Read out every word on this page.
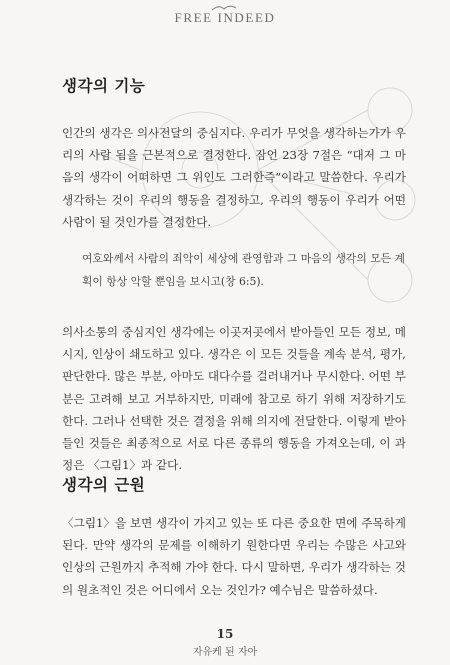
FREE INDEED
생각의 기능

인간의 생각은 의사전달의 중심지다. 우리가 무엇을 생각하는가가 우리의 사람 됨을 근본적으로 결정한다. 잠언 23장 7절은 “대저 그 마음의 생각이 어떠하면 그 위인도 그러한즉”이라고 말씀한다. 우리가 생각하는 것이 우리의 행동을 결정하고, 우리의 행동이 우리가 어떤 사람이 될 것인가를 결정한다.

여호와께서 사람의 죄악이 세상에 관영함과 그 마음의 생각의 모든 계획이 항상 악할 뿐임을 보시고(창 6:5).

의사소통의 중심지인 생각에는 이곳저곳에서 받아들인 모든 정보, 메시지, 인상이 쇄도하고 있다. 생각은 이 모든 것들을 계속 분석, 평가, 판단한다. 많은 부분, 아마도 대다수를 걸러내거나 무시한다. 어떤 부분은 고려해 보고 거부하지만, 미래에 참고로 하기 위해 저장하기도 한다. 그러나 선택한 것은 결정을 위해 의지에 전달한다. 이렇게 받아들인 것들은 최종적으로 서로 다른 종류의 행동을 가져오는데, 이 과정은 〈그림1〉과 같다.

생각의 근원

〈그림1〉을 보면 생각이 가지고 있는 또 다른 중요한 면에 주목하게 된다. 만약 생각의 문제를 이해하기 원한다면 우리는 수많은 사고와 인상의 근원까지 추적해 가야 한다. 다시 말하면, 우리가 생각하는 것의 원초적인 것은 어디에서 오는 것인가? 예수님은 말씀하셨다.

15
자유케 된 자아
